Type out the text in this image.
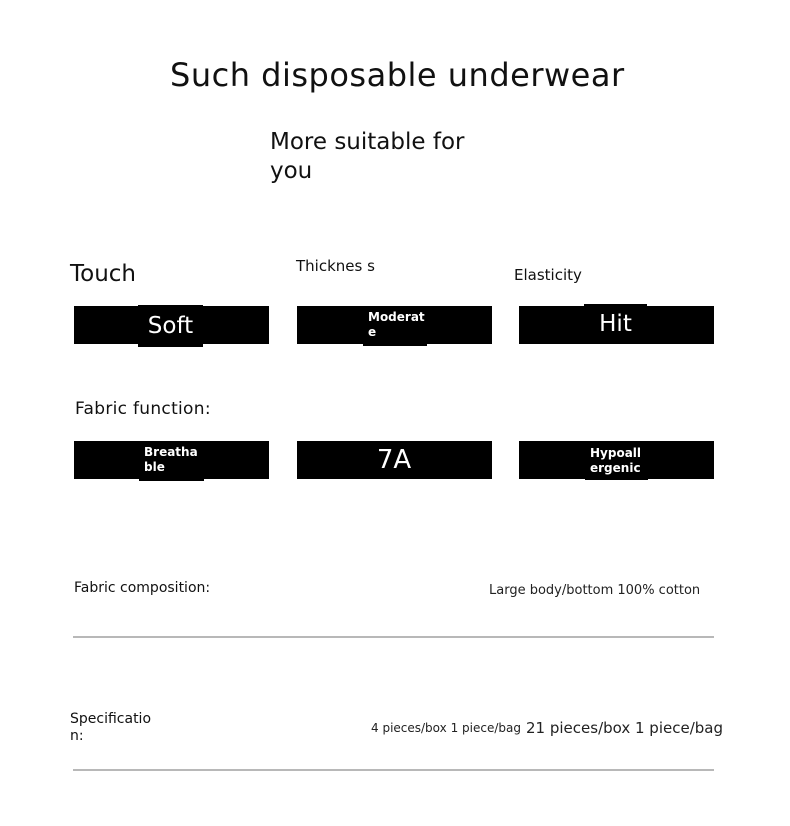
Such disposable underwear
More suitable for you
Touch	Thicknes s	Elasticity
Soft	Moderat e	Hit
Fabric function:
Breatha ble	7A	Hypoall ergenic
Fabric composition:	Large body/bottom 100% cotton
Specificatio n:	4 pieces/box 1 piece/bag 21 pieces/box 1 piece/bag
